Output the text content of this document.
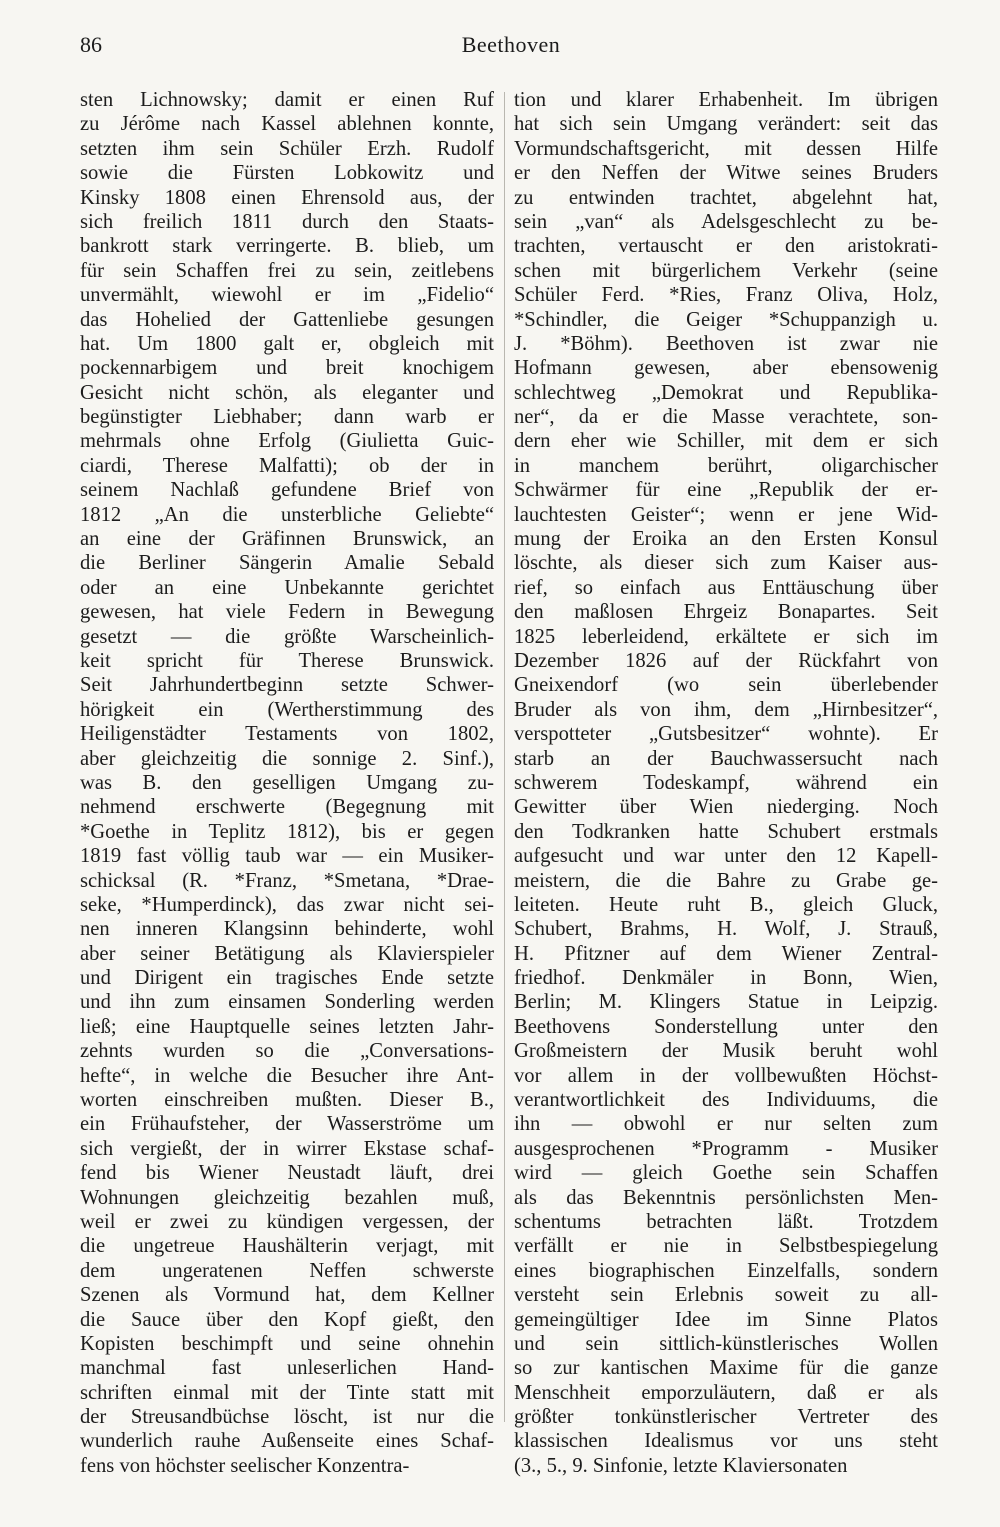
86	Beethoven
sten Lichnowsky; damit er einen Ruf
zu Jérôme nach Kassel ablehnen konnte,
setzten ihm sein Schüler Erzh. Rudolf
sowie die Fürsten Lobkowitz und
Kinsky 1808 einen Ehrensold aus, der
sich freilich 1811 durch den Staats-
bankrott stark verringerte. B. blieb, um
für sein Schaffen frei zu sein, zeitlebens
unvermählt, wiewohl er im „Fidelio“
das Hohelied der Gattenliebe gesungen
hat. Um 1800 galt er, obgleich mit
pockennarbigem und breit knochigem
Gesicht nicht schön, als eleganter und
begünstigter Liebhaber; dann warb er
mehrmals ohne Erfolg (Giulietta Guic-
ciardi, Therese Malfatti); ob der in
seinem Nachlaß gefundene Brief von
1812 „An die unsterbliche Geliebte“
an eine der Gräfinnen Brunswick, an
die Berliner Sängerin Amalie Sebald
oder an eine Unbekannte gerichtet
gewesen, hat viele Federn in Bewegung
gesetzt — die größte Warscheinlich-
keit spricht für Therese Brunswick.
Seit Jahrhundertbeginn setzte Schwer-
hörigkeit ein (Wertherstimmung des
Heiligenstädter Testaments von 1802,
aber gleichzeitig die sonnige 2. Sinf.),
was B. den geselligen Umgang zu-
nehmend erschwerte (Begegnung mit
*Goethe in Teplitz 1812), bis er gegen
1819 fast völlig taub war — ein Musiker-
schicksal (R. *Franz, *Smetana, *Drae-
seke, *Humperdinck), das zwar nicht sei-
nen inneren Klangsinn behinderte, wohl
aber seiner Betätigung als Klavierspieler
und Dirigent ein tragisches Ende setzte
und ihn zum einsamen Sonderling werden
ließ; eine Hauptquelle seines letzten Jahr-
zehnts wurden so die „Conversations-
hefte“, in welche die Besucher ihre Ant-
worten einschreiben mußten. Dieser B.,
ein Frühaufsteher, der Wasserströme um
sich vergießt, der in wirrer Ekstase schaf-
fend bis Wiener Neustadt läuft, drei
Wohnungen gleichzeitig bezahlen muß,
weil er zwei zu kündigen vergessen, der
die ungetreue Haushälterin verjagt, mit
dem ungeratenen Neffen schwerste
Szenen als Vormund hat, dem Kellner
die Sauce über den Kopf gießt, den
Kopisten beschimpft und seine ohnehin
manchmal fast unleserlichen Hand-
schriften einmal mit der Tinte statt mit
der Streusandbüchse löscht, ist nur die
wunderlich rauhe Außenseite eines Schaf-
fens von höchster seelischer Konzentra-
tion und klarer Erhabenheit. Im übrigen
hat sich sein Umgang verändert: seit das
Vormundschaftsgericht, mit dessen Hilfe
er den Neffen der Witwe seines Bruders
zu entwinden trachtet, abgelehnt hat,
sein „van“ als Adelsgeschlecht zu be-
trachten, vertauscht er den aristokrati-
schen mit bürgerlichem Verkehr (seine
Schüler Ferd. *Ries, Franz Oliva, Holz,
*Schindler, die Geiger *Schuppanzigh u.
J. *Böhm). Beethoven ist zwar nie
Hofmann gewesen, aber ebensowenig
schlechtweg „Demokrat und Republika-
ner“, da er die Masse verachtete, son-
dern eher wie Schiller, mit dem er sich
in manchem berührt, oligarchischer
Schwärmer für eine „Republik der er-
lauchtesten Geister“; wenn er jene Wid-
mung der Eroika an den Ersten Konsul
löschte, als dieser sich zum Kaiser aus-
rief, so einfach aus Enttäuschung über
den maßlosen Ehrgeiz Bonapartes. Seit
1825 leberleidend, erkältete er sich im
Dezember 1826 auf der Rückfahrt von
Gneixendorf (wo sein überlebender
Bruder als von ihm, dem „Hirnbesitzer“,
verspotteter „Gutsbesitzer“ wohnte). Er
starb an der Bauchwassersucht nach
schwerem Todeskampf, während ein
Gewitter über Wien niederging. Noch
den Todkranken hatte Schubert erstmals
aufgesucht und war unter den 12 Kapell-
meistern, die die Bahre zu Grabe ge-
leiteten. Heute ruht B., gleich Gluck,
Schubert, Brahms, H. Wolf, J. Strauß,
H. Pfitzner auf dem Wiener Zentral-
friedhof. Denkmäler in Bonn, Wien,
Berlin; M. Klingers Statue in Leipzig.
Beethovens Sonderstellung unter den
Großmeistern der Musik beruht wohl
vor allem in der vollbewußten Höchst-
verantwortlichkeit des Individuums, die
ihn — obwohl er nur selten zum
ausgesprochenen *Programm - Musiker
wird — gleich Goethe sein Schaffen
als das Bekenntnis persönlichsten Men-
schentums betrachten läßt. Trotzdem
verfällt er nie in Selbstbespiegelung
eines biographischen Einzelfalls, sondern
versteht sein Erlebnis soweit zu all-
gemeingültiger Idee im Sinne Platos
und sein sittlich-künstlerisches Wollen
so zur kantischen Maxime für die ganze
Menschheit emporzuläutern, daß er als
größter tonkünstlerischer Vertreter des
klassischen Idealismus vor uns steht
(3., 5., 9. Sinfonie, letzte Klaviersonaten
